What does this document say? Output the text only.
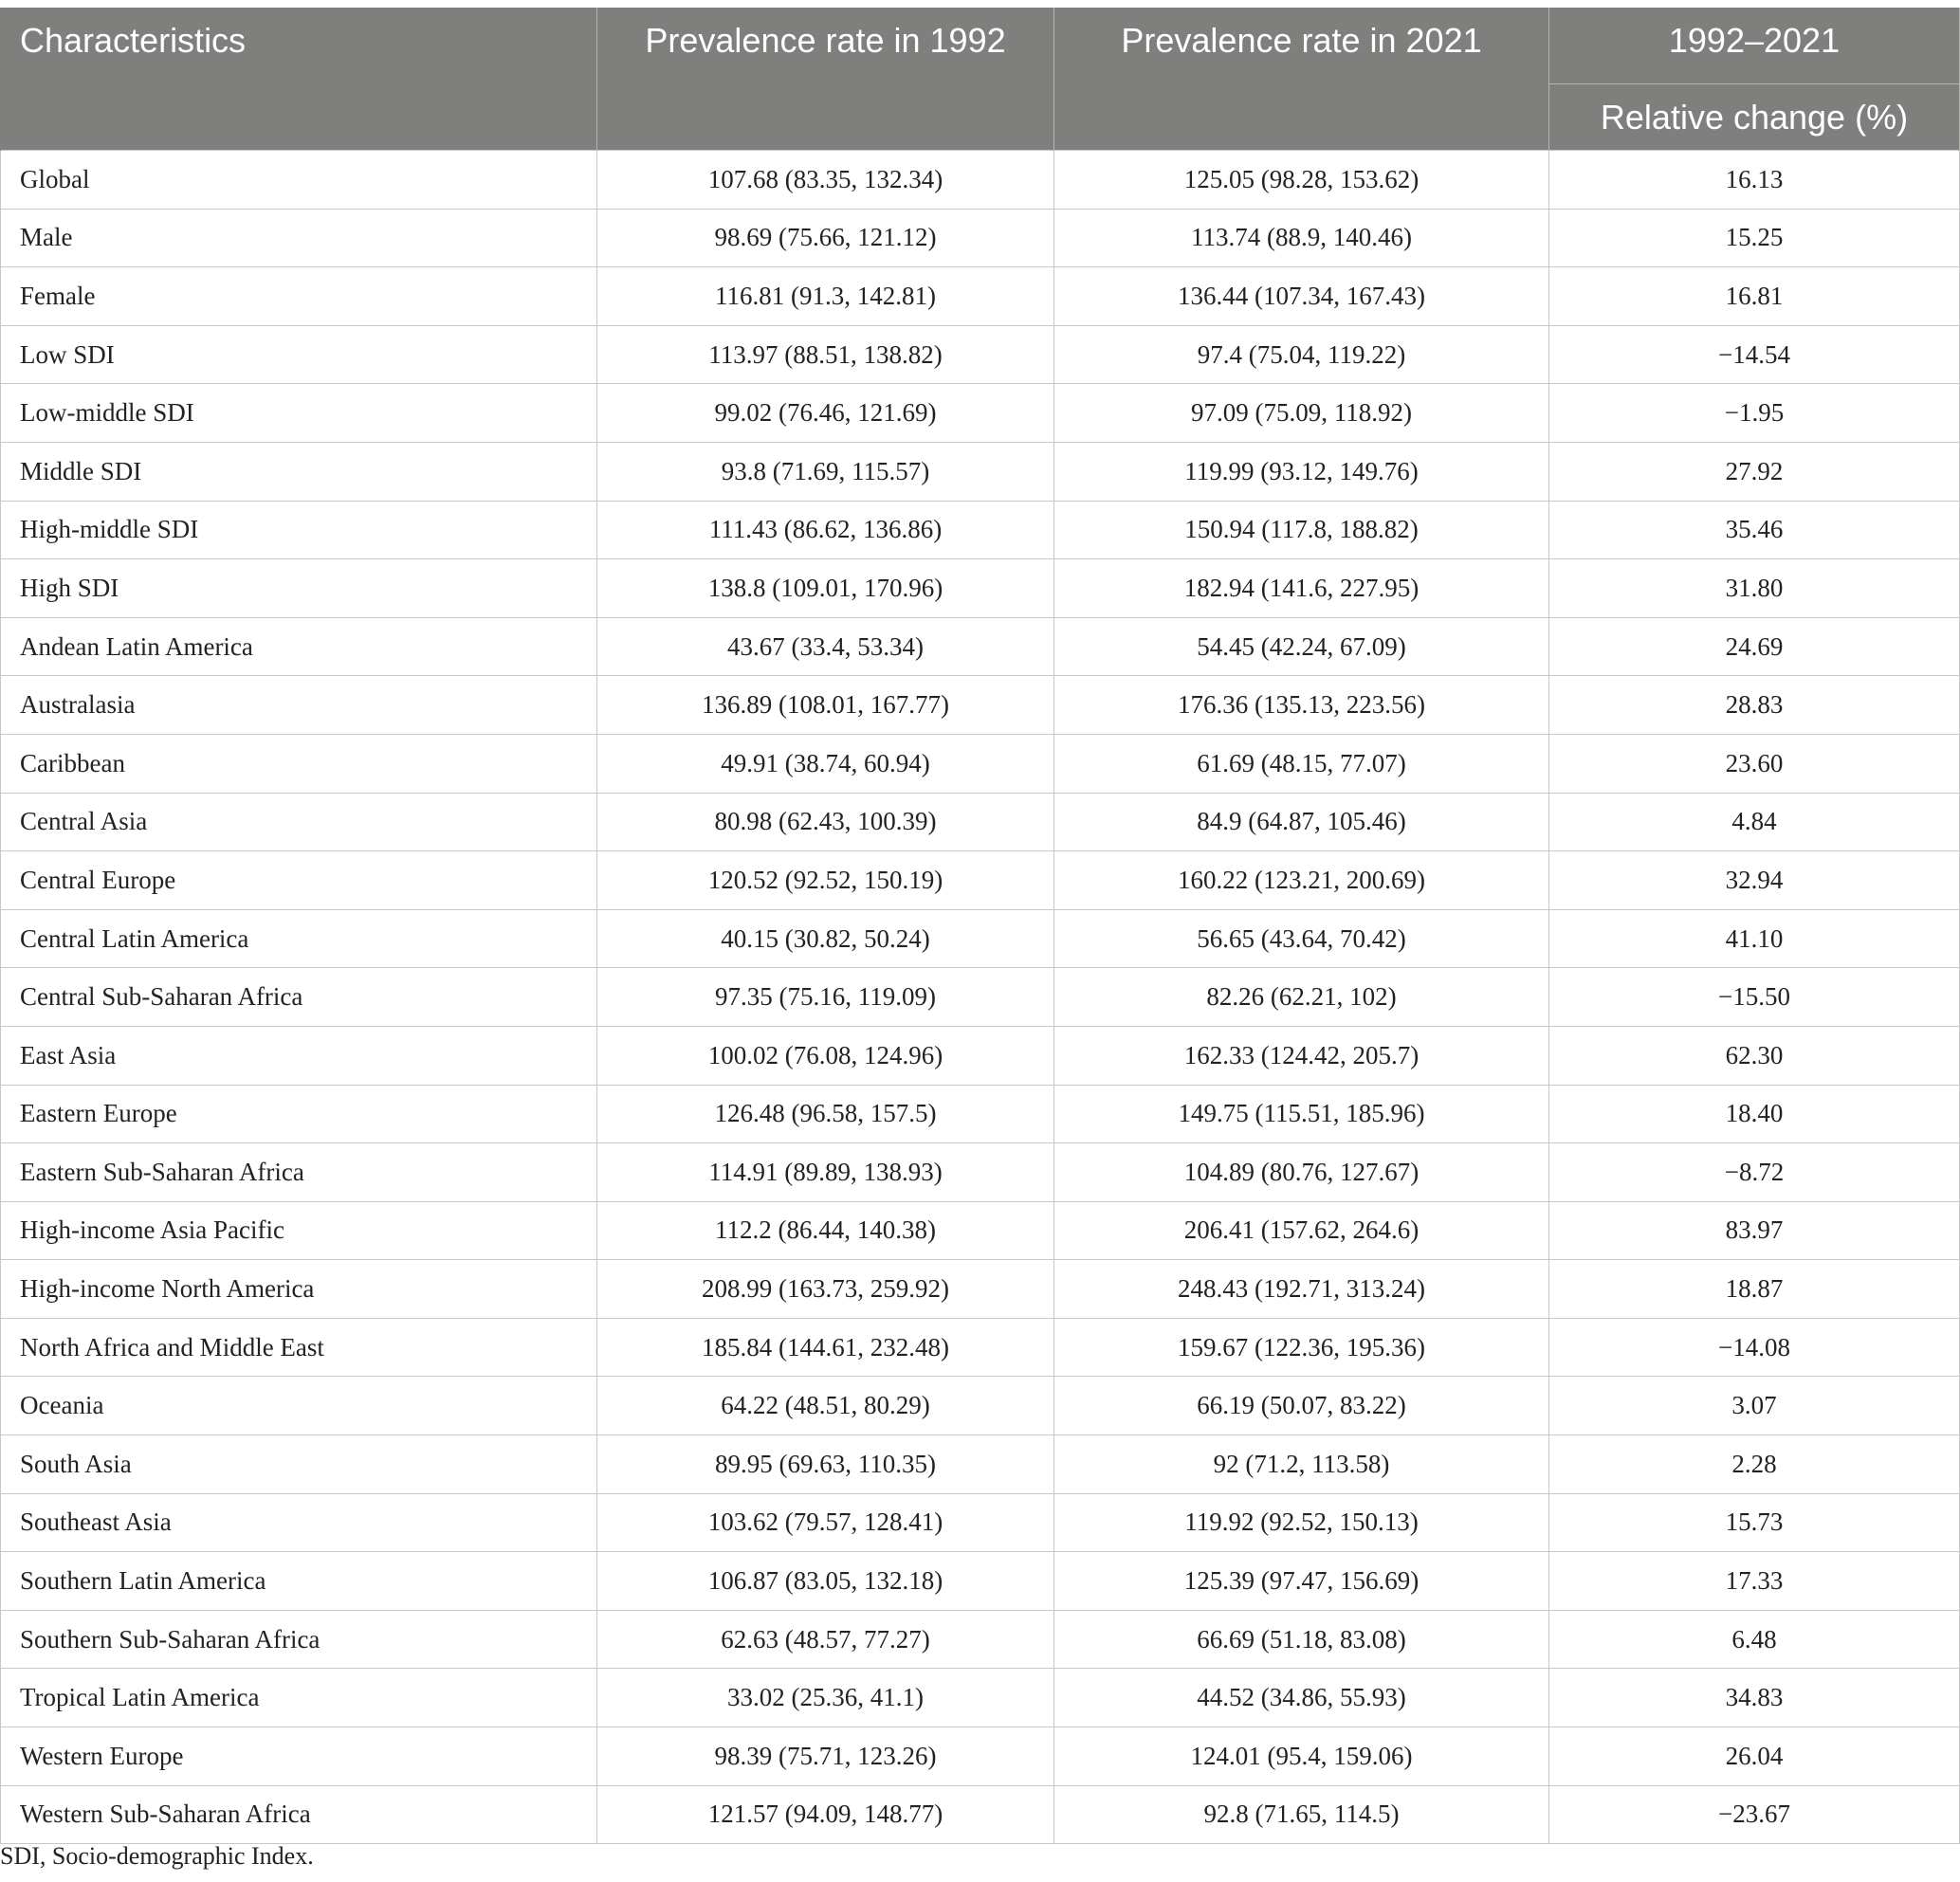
Characteristics	Prevalence rate in 1992	Prevalence rate in 2021	1992–2021
			Relative change (%)
Global	107.68 (83.35, 132.34)	125.05 (98.28, 153.62)	16.13
Male	98.69 (75.66, 121.12)	113.74 (88.9, 140.46)	15.25
Female	116.81 (91.3, 142.81)	136.44 (107.34, 167.43)	16.81
Low SDI	113.97 (88.51, 138.82)	97.4 (75.04, 119.22)	−14.54
Low-middle SDI	99.02 (76.46, 121.69)	97.09 (75.09, 118.92)	−1.95
Middle SDI	93.8 (71.69, 115.57)	119.99 (93.12, 149.76)	27.92
High-middle SDI	111.43 (86.62, 136.86)	150.94 (117.8, 188.82)	35.46
High SDI	138.8 (109.01, 170.96)	182.94 (141.6, 227.95)	31.80
Andean Latin America	43.67 (33.4, 53.34)	54.45 (42.24, 67.09)	24.69
Australasia	136.89 (108.01, 167.77)	176.36 (135.13, 223.56)	28.83
Caribbean	49.91 (38.74, 60.94)	61.69 (48.15, 77.07)	23.60
Central Asia	80.98 (62.43, 100.39)	84.9 (64.87, 105.46)	4.84
Central Europe	120.52 (92.52, 150.19)	160.22 (123.21, 200.69)	32.94
Central Latin America	40.15 (30.82, 50.24)	56.65 (43.64, 70.42)	41.10
Central Sub-Saharan Africa	97.35 (75.16, 119.09)	82.26 (62.21, 102)	−15.50
East Asia	100.02 (76.08, 124.96)	162.33 (124.42, 205.7)	62.30
Eastern Europe	126.48 (96.58, 157.5)	149.75 (115.51, 185.96)	18.40
Eastern Sub-Saharan Africa	114.91 (89.89, 138.93)	104.89 (80.76, 127.67)	−8.72
High-income Asia Pacific	112.2 (86.44, 140.38)	206.41 (157.62, 264.6)	83.97
High-income North America	208.99 (163.73, 259.92)	248.43 (192.71, 313.24)	18.87
North Africa and Middle East	185.84 (144.61, 232.48)	159.67 (122.36, 195.36)	−14.08
Oceania	64.22 (48.51, 80.29)	66.19 (50.07, 83.22)	3.07
South Asia	89.95 (69.63, 110.35)	92 (71.2, 113.58)	2.28
Southeast Asia	103.62 (79.57, 128.41)	119.92 (92.52, 150.13)	15.73
Southern Latin America	106.87 (83.05, 132.18)	125.39 (97.47, 156.69)	17.33
Southern Sub-Saharan Africa	62.63 (48.57, 77.27)	66.69 (51.18, 83.08)	6.48
Tropical Latin America	33.02 (25.36, 41.1)	44.52 (34.86, 55.93)	34.83
Western Europe	98.39 (75.71, 123.26)	124.01 (95.4, 159.06)	26.04
Western Sub-Saharan Africa	121.57 (94.09, 148.77)	92.8 (71.65, 114.5)	−23.67
SDI, Socio-demographic Index.
